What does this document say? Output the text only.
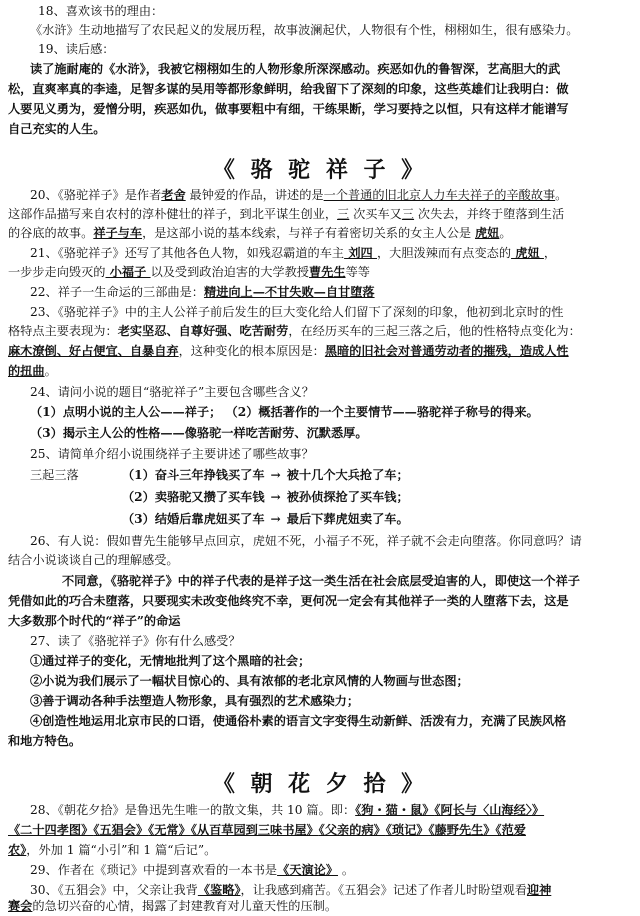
18、喜欢该书的理由：
《水浒》生动地描写了农民起义的发展历程，故事波澜起伏，人物很有个性，栩栩如生，很有感染力。
19、读后感：
读了施耐庵的《水浒》，我被它栩栩如生的人物形象所深深感动。疾恶如仇的鲁智深，艺高胆大的武
松，直爽率真的李逵，足智多谋的吴用等都形象鲜明，给我留下了深刻的印象，这些英雄们让我明白：做
人要见义勇为，爱憎分明，疾恶如仇，做事要粗中有细，干练果断，学习要持之以恒，只有这样才能谱写
自己充实的人生。
《 骆 驼 祥 子 》
20、《骆驼祥子》是作者老舍 最钟爱的作品，讲述的是一个普通的旧北京人力车夫祥子的辛酸故事。
这部作品描写来自农村的淳朴健壮的祥子，到北平谋生创业，三 次买车又三 次失去，并终于堕落到生活
的谷底的故事。祥子与车，是这部小说的基本线索，与祥子有着密切关系的女主人公是 虎妞。
21、《骆驼祥子》还写了其他各色人物，如残忍霸道的车主 刘四 ，大胆泼辣而有点变态的 虎妞 ，
一步步走向毁灭的 小福子 以及受到政治迫害的大学教授曹先生等等
22、祥子一生命运的三部曲是：精进向上—不甘失败—自甘堕落
23、《骆驼祥子》中的主人公祥子前后发生的巨大变化给人们留下了深刻的印象，他初到北京时的性
格特点主要表现为：老实坚忍、自尊好强、吃苦耐劳，在经历买车的三起三落之后，他的性格特点变化为：
麻木潦倒、好占便宜、自暴自弃，这种变化的根本原因是：黑暗的旧社会对普通劳动者的摧残，造成人性
的扭曲。
24、请问小说的题目“骆驼祥子”主要包含哪些含义？
（1）点明小说的主人公——祥子； （2）概括著作的一个主要情节——骆驼祥子称号的得来。
（3）揭示主人公的性格——像骆驼一样吃苦耐劳、沉默悉厚。
25、请简单介绍小说围绕祥子主要讲述了哪些故事？
三起三落	（1）奋斗三年挣钱买了车 → 被十几个大兵抢了车；
（2）卖骆驼又攒了买车钱 → 被孙侦探抢了买车钱；
（3）结婚后靠虎妞买了车 → 最后下葬虎妞卖了车。
26、有人说：假如曹先生能够早点回京，虎妞不死，小福子不死，祥子就不会走向堕落。你同意吗？请
结合小说谈谈自己的理解感受。
不同意，《骆驼祥子》中的祥子代表的是祥子这一类生活在社会底层受迫害的人，即使这一个祥子
凭借如此的巧合未堕落，只要现实未改变他终究不幸，更何况一定会有其他祥子一类的人堕落下去，这是
大多数那个时代的“祥子”的命运
27、读了《骆驼祥子》你有什么感受？
①通过祥子的变化，无情地批判了这个黑暗的社会；
②小说为我们展示了一幅状目惊心的、具有浓郁的老北京风情的人物画与世态图；
③善于调动各种手法塑造人物形象，具有强烈的艺术感染力；
④创造性地运用北京市民的口语，使通俗朴素的语言文字变得生动新鲜、活泼有力，充满了民族风格
和地方特色。
《 朝 花 夕 拾 》
28、《朝花夕拾》是鲁迅先生唯一的散文集，共 10 篇。即：《狗・猫・鼠》《阿长与〈山海经〉》
《二十四孝图》《五猖会》《无常》《从百草园到三味书屋》《父亲的病》《琐记》《藤野先生》《范爱
农》，外加 1 篇“小引”和 1 篇“后记”。
29、作者在《琐记》中提到喜欢看的一本书是《天演论》 。
30、《五猖会》中，父亲让我背《鉴略》，让我感到痛苦。《五猖会》记述了作者儿时盼望观看迎神
赛会的急切兴奋的心情，揭露了封建教育对儿童天性的压制。
